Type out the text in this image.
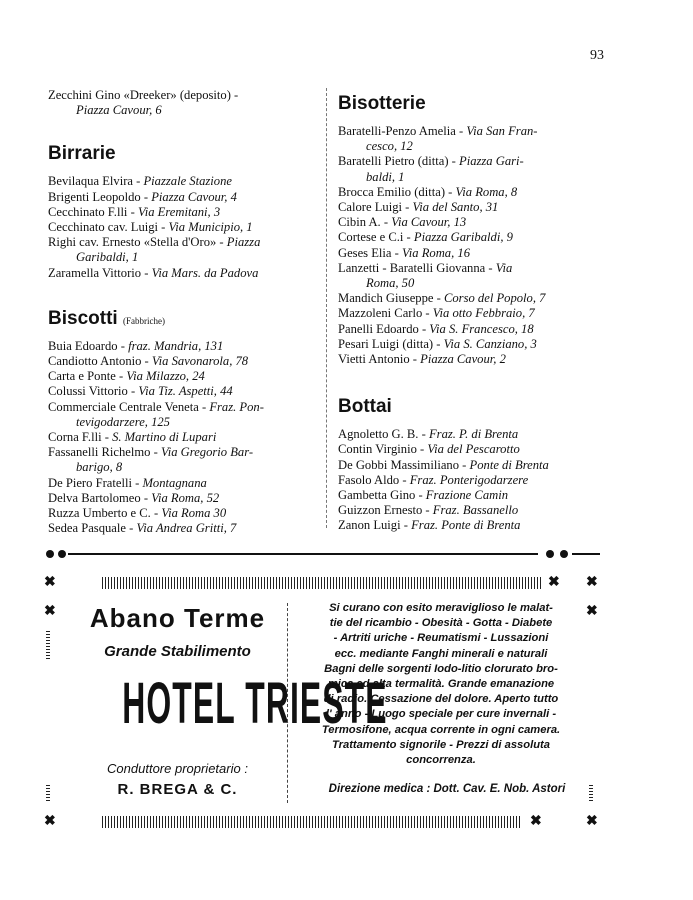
93

Zecchini Gino «Dreeker» (deposito) -
Piazza Cavour, 6

Birrarie

Bevilaqua Elvira - Piazzale Stazione

Brigenti Leopoldo - Piazza Cavour, 4

Cecchinato F.lli - Via Eremitani, 3

Cecchinato cav. Luigi - Via Municipio, 1

Righi cav. Ernesto «Stella d'Oro» - Piazza
Garibaldi, 1

Zaramella Vittorio - Via Mars. da Padova

Biscotti (Fabbriche)

Buia Edoardo - fraz. Mandria, 131

Candiotto Antonio - Via Savonarola, 78

Carta e Ponte - Via Milazzo, 24

Colussi Vittorio - Via Tiz. Aspetti, 44

Commerciale Centrale Veneta - Fraz. Pon-
tevigodarzere, 125

Corna F.lli - S. Martino di Lupari

Fassanelli Richelmo - Via Gregorio Bar-
barigo, 8

De Piero Fratelli - Montagnana

Delva Bartolomeo - Via Roma, 52

Ruzza Umberto e C. - Via Roma 30

Sedea Pasquale - Via Andrea Gritti, 7

Bisotterie

Baratelli-Penzo Amelia - Via San Fran-
cesco, 12

Baratelli Pietro (ditta) - Piazza Gari-
baldi, 1

Brocca Emilio (ditta) - Via Roma, 8

Calore Luigi - Via del Santo, 31

Cibin A. - Via Cavour, 13

Cortese e C.i - Piazza Garibaldi, 9

Geses Elia - Via Roma, 16

Lanzetti - Baratelli Giovanna - Via
Roma, 50

Mandich Giuseppe - Corso del Popolo, 7

Mazzoleni Carlo - Via otto Febbraio, 7

Panelli Edoardo - Via S. Francesco, 18

Pesari Luigi (ditta) - Via S. Canziano, 3

Vietti Antonio - Piazza Cavour, 2

Bottai

Agnoletto G. B. - Fraz. P. di Brenta

Contin Virginio - Via del Pescarotto

De Gobbi Massimiliano - Ponte di Brenta

Fasolo Aldo - Fraz. Ponterigodarzere

Gambetta Gino - Frazione Camin

Guizzon Ernesto - Fraz. Bassanello

Zanon Luigi - Fraz. Ponte di Brenta

✖	✖ ✖
✖	✖
Abano Terme
Grande Stabilimento
HOTEL TRIESTE
Conduttore proprietario :
R. BREGA & C.
Si curano con esito meraviglioso le malat-
tie del ricambio - Obesità - Gotta - Diabete
- Artriti uriche - Reumatismi - Lussazioni
ecc. mediante Fanghi minerali e naturali
Bagni delle sorgenti Iodo-litio clorurato bro-
mica ed alta termalità. Grande emanazione
di radio. Cessazione del dolore. Aperto tutto
l' anno - Luogo speciale per cure invernali -
Termosifone, acqua corrente in ogni camera.
Trattamento signorile - Prezzi di assoluta
concorrenza.
Direzione medica : Dott. Cav. E. Nob. Astori
✖	✖	✖
